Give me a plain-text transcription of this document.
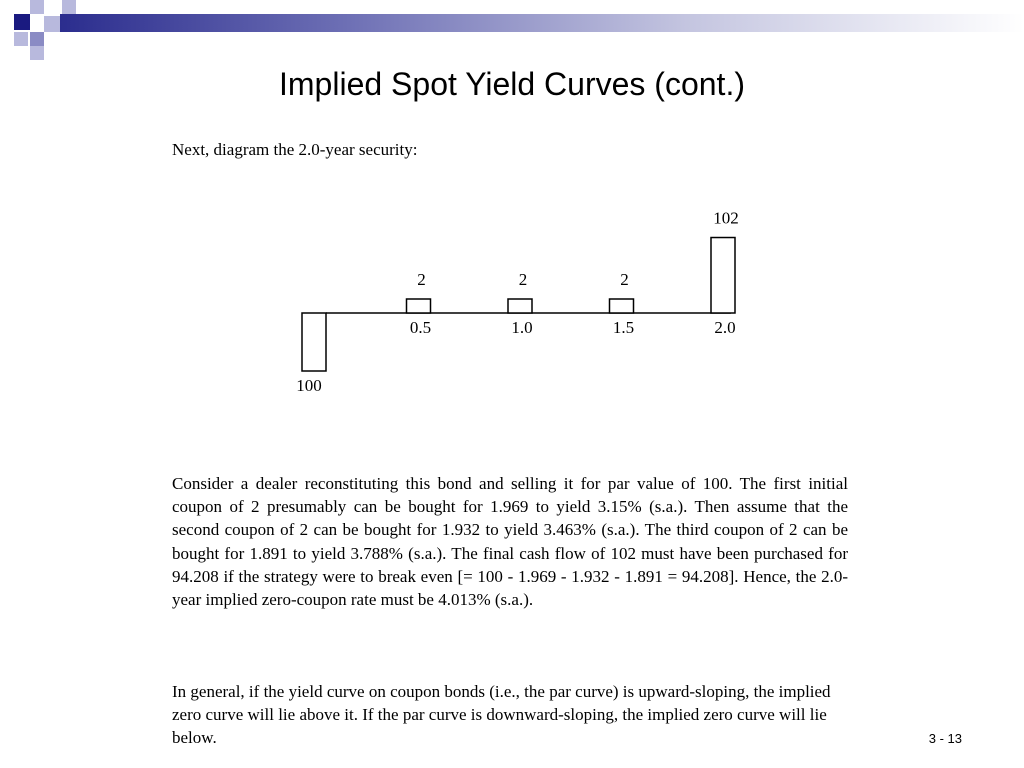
Implied Spot Yield Curves (cont.)
Next, diagram the 2.0-year security:
100
2
0.5
2
1.0
2
1.5
102
2.0
Consider a dealer reconstituting this bond and selling it for par value of 100. The first initial coupon of 2 presumably can be bought for 1.969 to yield 3.15% (s.a.). Then assume that the second coupon of 2 can be bought for 1.932 to yield 3.463% (s.a.). The third coupon of 2 can be bought for 1.891 to yield 3.788% (s.a.). The final cash flow of 102 must have been purchased for 94.208 if the strategy were to break even [= 100 - 1.969 - 1.932 - 1.891 = 94.208]. Hence, the 2.0-year implied zero-coupon rate must be 4.013% (s.a.).
In general, if the yield curve on coupon bonds (i.e., the par curve) is upward-sloping, the implied zero curve will lie above it. If the par curve is downward-sloping, the implied zero curve will lie below.	3 - 13
